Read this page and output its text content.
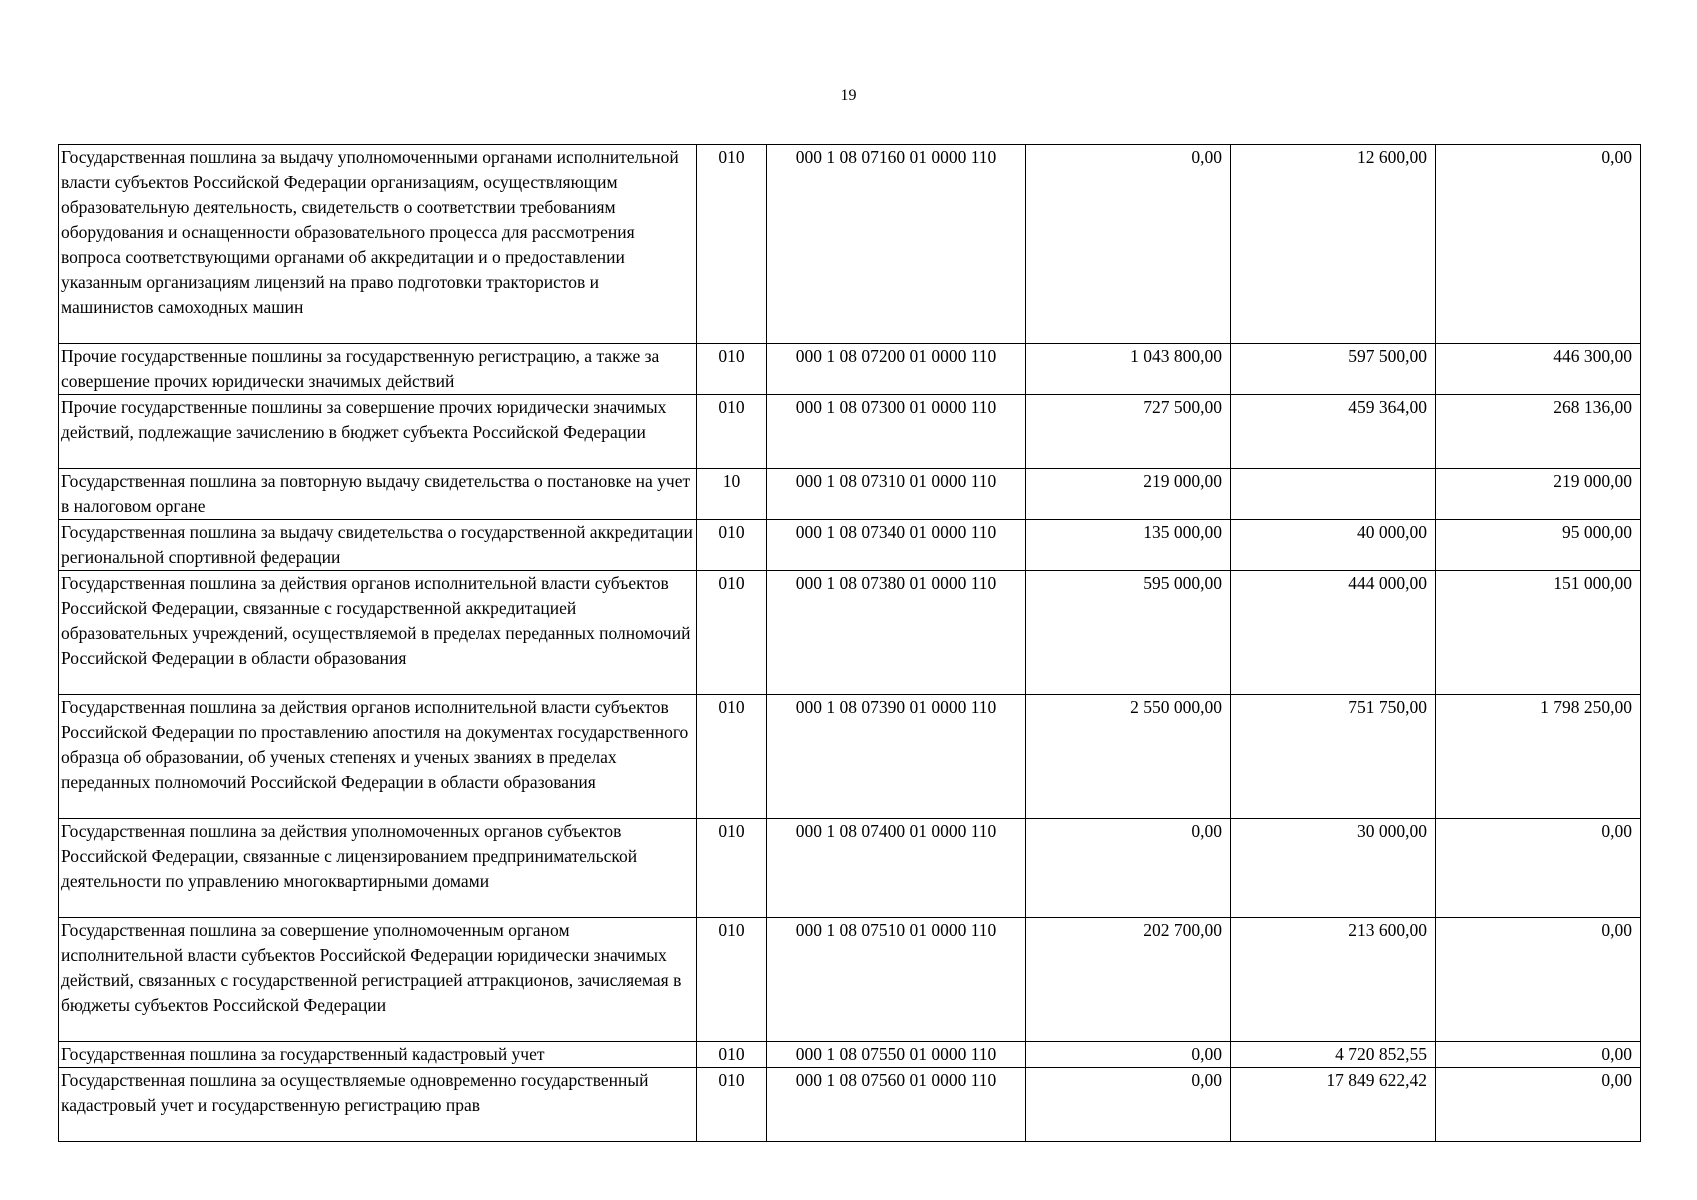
19
Государственная пошлина за выдачу уполномоченными органами исполнительной власти субъектов Российской Федерации организациям, осуществляющим образовательную деятельность, свидетельств о соответствии требованиям оборудования и оснащенности образовательного процесса для рассмотрения вопроса соответствующими органами об аккредитации и о предоставлении указанным организациям лицензий на право подготовки трактористов и машинистов самоходных машин	010	000 1 08 07160 01 0000 110	0,00	12 600,00	0,00
Прочие государственные пошлины за государственную регистрацию, а также за совершение прочих юридически значимых действий	010	000 1 08 07200 01 0000 110	1 043 800,00	597 500,00	446 300,00
Прочие государственные пошлины за совершение прочих юридически значимых действий, подлежащие зачислению в бюджет субъекта Российской Федерации	010	000 1 08 07300 01 0000 110	727 500,00	459 364,00	268 136,00
Государственная пошлина за повторную выдачу свидетельства о постановке на учет в налоговом органе	10	000 1 08 07310 01 0000 110	219 000,00		219 000,00
Государственная пошлина за выдачу свидетельства о государственной аккредитации региональной спортивной федерации	010	000 1 08 07340 01 0000 110	135 000,00	40 000,00	95 000,00
Государственная пошлина за действия органов исполнительной власти субъектов Российской Федерации, связанные с государственной аккредитацией образовательных учреждений, осуществляемой в пределах переданных полномочий Российской Федерации в области образования	010	000 1 08 07380 01 0000 110	595 000,00	444 000,00	151 000,00
Государственная пошлина за действия органов исполнительной власти субъектов Российской Федерации по проставлению апостиля на документах государственного образца об образовании, об ученых степенях и ученых званиях в пределах переданных полномочий Российской Федерации в области образования	010	000 1 08 07390 01 0000 110	2 550 000,00	751 750,00	1 798 250,00
Государственная пошлина за действия уполномоченных органов субъектов Российской Федерации, связанные с лицензированием предпринимательской деятельности по управлению многоквартирными домами	010	000 1 08 07400 01 0000 110	0,00	30 000,00	0,00
Государственная пошлина за совершение уполномоченным органом исполнительной власти субъектов Российской Федерации юридически значимых действий, связанных с государственной регистрацией аттракционов, зачисляемая в бюджеты субъектов Российской Федерации	010	000 1 08 07510 01 0000 110	202 700,00	213 600,00	0,00
Государственная пошлина за государственный кадастровый учет	010	000 1 08 07550 01 0000 110	0,00	4 720 852,55	0,00
Государственная пошлина за осуществляемые одновременно государственный кадастровый учет и государственную регистрацию прав	010	000 1 08 07560 01 0000 110	0,00	17 849 622,42	0,00
